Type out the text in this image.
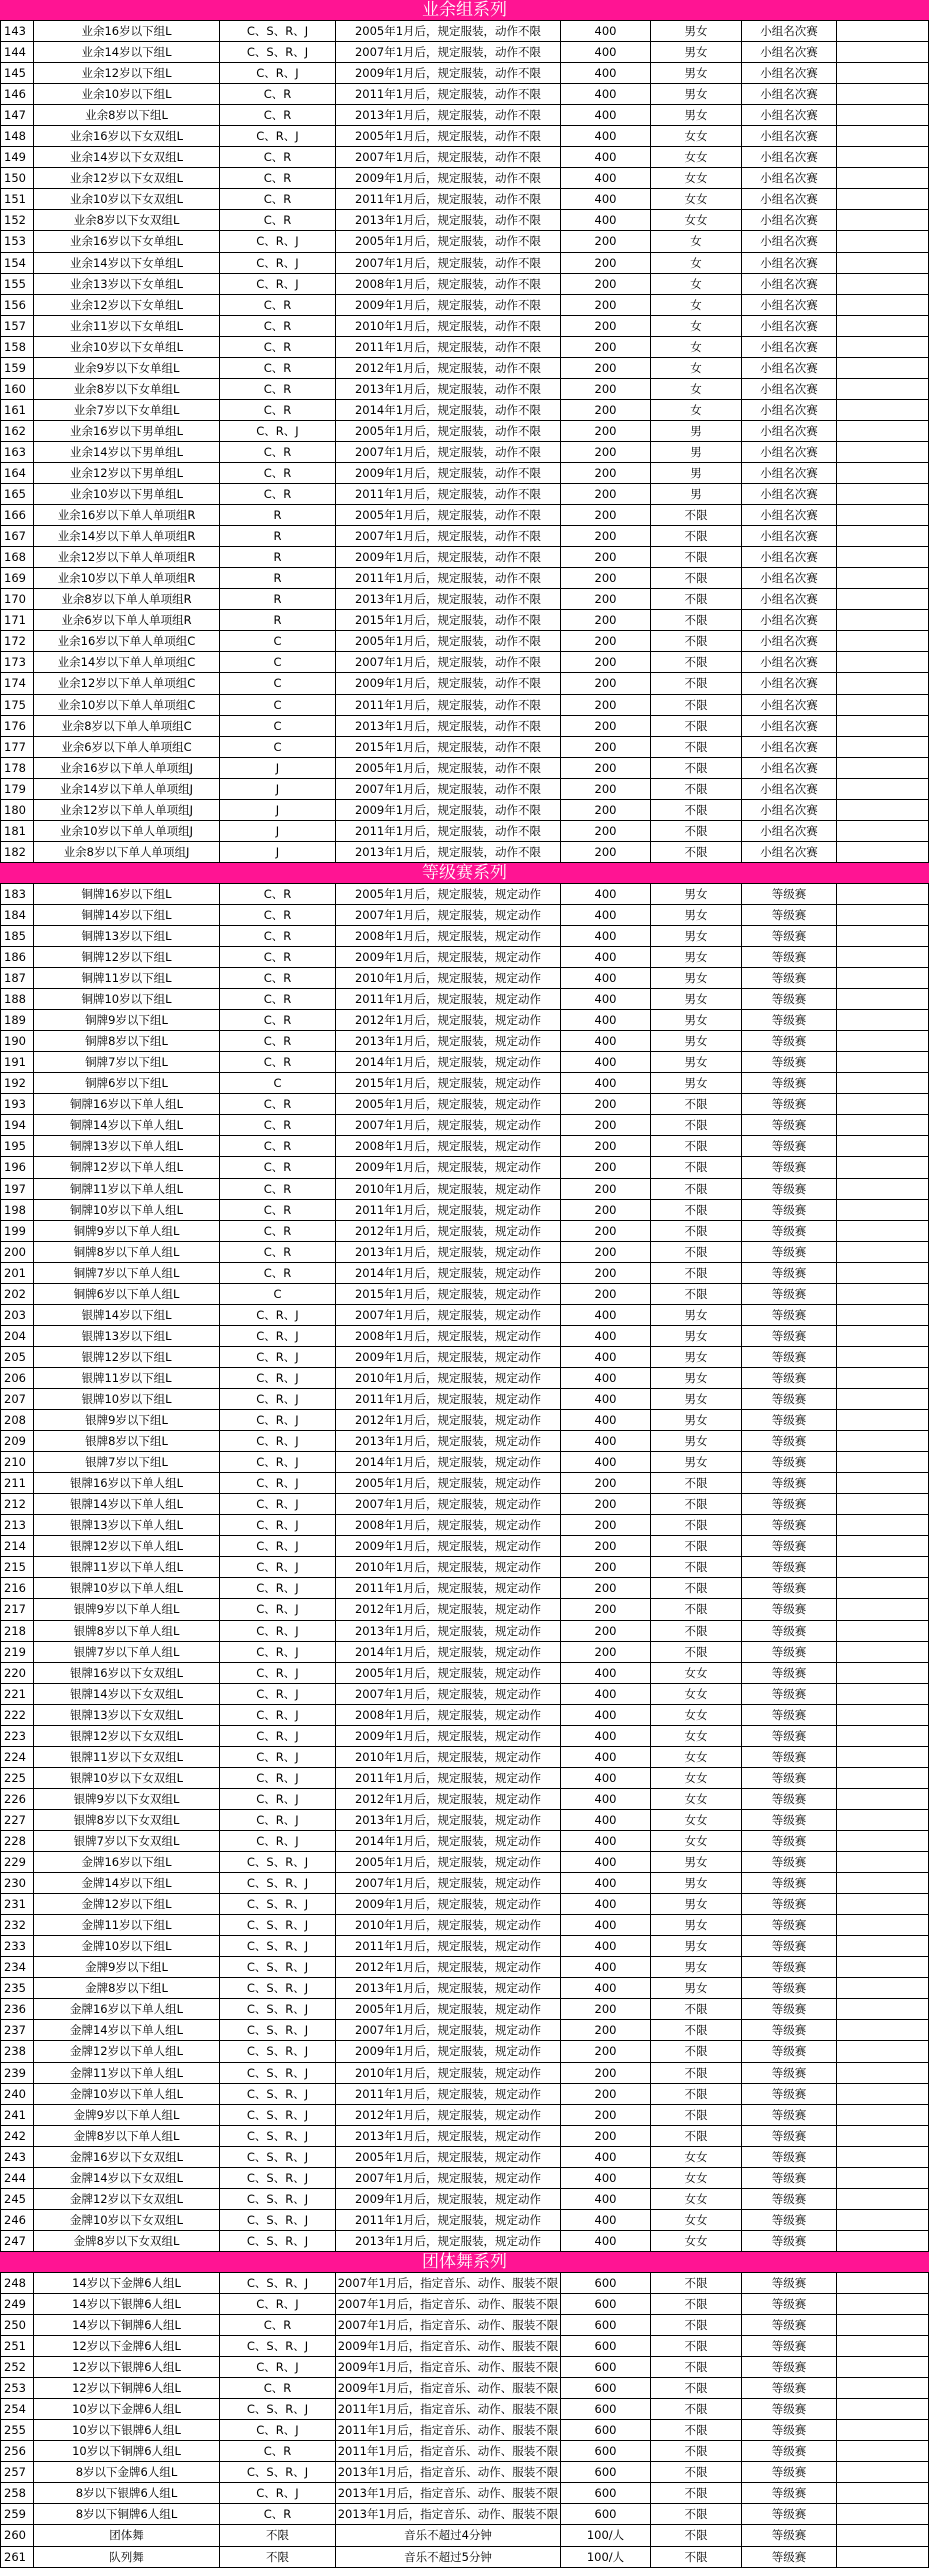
业余组系列
143	业余16岁以下组L	C、S、R、J	2005年1月后，规定服装，动作不限	400	男女	小组名次赛
144	业余14岁以下组L	C、S、R、J	2007年1月后，规定服装，动作不限	400	男女	小组名次赛
145	业余12岁以下组L	C、R、J	2009年1月后，规定服装，动作不限	400	男女	小组名次赛
146	业余10岁以下组L	C、R	2011年1月后，规定服装，动作不限	400	男女	小组名次赛
147	业余8岁以下组L	C、R	2013年1月后，规定服装，动作不限	400	男女	小组名次赛
148	业余16岁以下女双组L	C、R、J	2005年1月后，规定服装，动作不限	400	女女	小组名次赛
149	业余14岁以下女双组L	C、R	2007年1月后，规定服装，动作不限	400	女女	小组名次赛
150	业余12岁以下女双组L	C、R	2009年1月后，规定服装，动作不限	400	女女	小组名次赛
151	业余10岁以下女双组L	C、R	2011年1月后，规定服装，动作不限	400	女女	小组名次赛
152	业余8岁以下女双组L	C、R	2013年1月后，规定服装，动作不限	400	女女	小组名次赛
153	业余16岁以下女单组L	C、R、J	2005年1月后，规定服装，动作不限	200	女	小组名次赛
154	业余14岁以下女单组L	C、R、J	2007年1月后，规定服装，动作不限	200	女	小组名次赛
155	业余13岁以下女单组L	C、R、J	2008年1月后，规定服装，动作不限	200	女	小组名次赛
156	业余12岁以下女单组L	C、R	2009年1月后，规定服装，动作不限	200	女	小组名次赛
157	业余11岁以下女单组L	C、R	2010年1月后，规定服装，动作不限	200	女	小组名次赛
158	业余10岁以下女单组L	C、R	2011年1月后，规定服装，动作不限	200	女	小组名次赛
159	业余9岁以下女单组L	C、R	2012年1月后，规定服装，动作不限	200	女	小组名次赛
160	业余8岁以下女单组L	C、R	2013年1月后，规定服装，动作不限	200	女	小组名次赛
161	业余7岁以下女单组L	C、R	2014年1月后，规定服装，动作不限	200	女	小组名次赛
162	业余16岁以下男单组L	C、R、J	2005年1月后，规定服装，动作不限	200	男	小组名次赛
163	业余14岁以下男单组L	C、R	2007年1月后，规定服装，动作不限	200	男	小组名次赛
164	业余12岁以下男单组L	C、R	2009年1月后，规定服装，动作不限	200	男	小组名次赛
165	业余10岁以下男单组L	C、R	2011年1月后，规定服装，动作不限	200	男	小组名次赛
166	业余16岁以下单人单项组R	R	2005年1月后，规定服装，动作不限	200	不限	小组名次赛
167	业余14岁以下单人单项组R	R	2007年1月后，规定服装，动作不限	200	不限	小组名次赛
168	业余12岁以下单人单项组R	R	2009年1月后，规定服装，动作不限	200	不限	小组名次赛
169	业余10岁以下单人单项组R	R	2011年1月后，规定服装，动作不限	200	不限	小组名次赛
170	业余8岁以下单人单项组R	R	2013年1月后，规定服装，动作不限	200	不限	小组名次赛
171	业余6岁以下单人单项组R	R	2015年1月后，规定服装，动作不限	200	不限	小组名次赛
172	业余16岁以下单人单项组C	C	2005年1月后，规定服装，动作不限	200	不限	小组名次赛
173	业余14岁以下单人单项组C	C	2007年1月后，规定服装，动作不限	200	不限	小组名次赛
174	业余12岁以下单人单项组C	C	2009年1月后，规定服装，动作不限	200	不限	小组名次赛
175	业余10岁以下单人单项组C	C	2011年1月后，规定服装，动作不限	200	不限	小组名次赛
176	业余8岁以下单人单项组C	C	2013年1月后，规定服装，动作不限	200	不限	小组名次赛
177	业余6岁以下单人单项组C	C	2015年1月后，规定服装，动作不限	200	不限	小组名次赛
178	业余16岁以下单人单项组J	J	2005年1月后，规定服装，动作不限	200	不限	小组名次赛
179	业余14岁以下单人单项组J	J	2007年1月后，规定服装，动作不限	200	不限	小组名次赛
180	业余12岁以下单人单项组J	J	2009年1月后，规定服装，动作不限	200	不限	小组名次赛
181	业余10岁以下单人单项组J	J	2011年1月后，规定服装，动作不限	200	不限	小组名次赛
182	业余8岁以下单人单项组J	J	2013年1月后，规定服装，动作不限	200	不限	小组名次赛
等级赛系列
183	铜牌16岁以下组L	C、R	2005年1月后，规定服装，规定动作	400	男女	等级赛
184	铜牌14岁以下组L	C、R	2007年1月后，规定服装，规定动作	400	男女	等级赛
185	铜牌13岁以下组L	C、R	2008年1月后，规定服装，规定动作	400	男女	等级赛
186	铜牌12岁以下组L	C、R	2009年1月后，规定服装，规定动作	400	男女	等级赛
187	铜牌11岁以下组L	C、R	2010年1月后，规定服装，规定动作	400	男女	等级赛
188	铜牌10岁以下组L	C、R	2011年1月后，规定服装，规定动作	400	男女	等级赛
189	铜牌9岁以下组L	C、R	2012年1月后，规定服装，规定动作	400	男女	等级赛
190	铜牌8岁以下组L	C、R	2013年1月后，规定服装，规定动作	400	男女	等级赛
191	铜牌7岁以下组L	C、R	2014年1月后，规定服装，规定动作	400	男女	等级赛
192	铜牌6岁以下组L	C	2015年1月后，规定服装，规定动作	400	男女	等级赛
193	铜牌16岁以下单人组L	C、R	2005年1月后，规定服装，规定动作	200	不限	等级赛
194	铜牌14岁以下单人组L	C、R	2007年1月后，规定服装，规定动作	200	不限	等级赛
195	铜牌13岁以下单人组L	C、R	2008年1月后，规定服装，规定动作	200	不限	等级赛
196	铜牌12岁以下单人组L	C、R	2009年1月后，规定服装，规定动作	200	不限	等级赛
197	铜牌11岁以下单人组L	C、R	2010年1月后，规定服装，规定动作	200	不限	等级赛
198	铜牌10岁以下单人组L	C、R	2011年1月后，规定服装，规定动作	200	不限	等级赛
199	铜牌9岁以下单人组L	C、R	2012年1月后，规定服装，规定动作	200	不限	等级赛
200	铜牌8岁以下单人组L	C、R	2013年1月后，规定服装，规定动作	200	不限	等级赛
201	铜牌7岁以下单人组L	C、R	2014年1月后，规定服装，规定动作	200	不限	等级赛
202	铜牌6岁以下单人组L	C	2015年1月后，规定服装，规定动作	200	不限	等级赛
203	银牌14岁以下组L	C、R、J	2007年1月后，规定服装，规定动作	400	男女	等级赛
204	银牌13岁以下组L	C、R、J	2008年1月后，规定服装，规定动作	400	男女	等级赛
205	银牌12岁以下组L	C、R、J	2009年1月后，规定服装，规定动作	400	男女	等级赛
206	银牌11岁以下组L	C、R、J	2010年1月后，规定服装，规定动作	400	男女	等级赛
207	银牌10岁以下组L	C、R、J	2011年1月后，规定服装，规定动作	400	男女	等级赛
208	银牌9岁以下组L	C、R、J	2012年1月后，规定服装，规定动作	400	男女	等级赛
209	银牌8岁以下组L	C、R、J	2013年1月后，规定服装，规定动作	400	男女	等级赛
210	银牌7岁以下组L	C、R、J	2014年1月后，规定服装，规定动作	400	男女	等级赛
211	银牌16岁以下单人组L	C、R、J	2005年1月后，规定服装，规定动作	200	不限	等级赛
212	银牌14岁以下单人组L	C、R、J	2007年1月后，规定服装，规定动作	200	不限	等级赛
213	银牌13岁以下单人组L	C、R、J	2008年1月后，规定服装，规定动作	200	不限	等级赛
214	银牌12岁以下单人组L	C、R、J	2009年1月后，规定服装，规定动作	200	不限	等级赛
215	银牌11岁以下单人组L	C、R、J	2010年1月后，规定服装，规定动作	200	不限	等级赛
216	银牌10岁以下单人组L	C、R、J	2011年1月后，规定服装，规定动作	200	不限	等级赛
217	银牌9岁以下单人组L	C、R、J	2012年1月后，规定服装，规定动作	200	不限	等级赛
218	银牌8岁以下单人组L	C、R、J	2013年1月后，规定服装，规定动作	200	不限	等级赛
219	银牌7岁以下单人组L	C、R、J	2014年1月后，规定服装，规定动作	200	不限	等级赛
220	银牌16岁以下女双组L	C、R、J	2005年1月后，规定服装，规定动作	400	女女	等级赛
221	银牌14岁以下女双组L	C、R、J	2007年1月后，规定服装，规定动作	400	女女	等级赛
222	银牌13岁以下女双组L	C、R、J	2008年1月后，规定服装，规定动作	400	女女	等级赛
223	银牌12岁以下女双组L	C、R、J	2009年1月后，规定服装，规定动作	400	女女	等级赛
224	银牌11岁以下女双组L	C、R、J	2010年1月后，规定服装，规定动作	400	女女	等级赛
225	银牌10岁以下女双组L	C、R、J	2011年1月后，规定服装，规定动作	400	女女	等级赛
226	银牌9岁以下女双组L	C、R、J	2012年1月后，规定服装，规定动作	400	女女	等级赛
227	银牌8岁以下女双组L	C、R、J	2013年1月后，规定服装，规定动作	400	女女	等级赛
228	银牌7岁以下女双组L	C、R、J	2014年1月后，规定服装，规定动作	400	女女	等级赛
229	金牌16岁以下组L	C、S、R、J	2005年1月后，规定服装，规定动作	400	男女	等级赛
230	金牌14岁以下组L	C、S、R、J	2007年1月后，规定服装，规定动作	400	男女	等级赛
231	金牌12岁以下组L	C、S、R、J	2009年1月后，规定服装，规定动作	400	男女	等级赛
232	金牌11岁以下组L	C、S、R、J	2010年1月后，规定服装，规定动作	400	男女	等级赛
233	金牌10岁以下组L	C、S、R、J	2011年1月后，规定服装，规定动作	400	男女	等级赛
234	金牌9岁以下组L	C、S、R、J	2012年1月后，规定服装，规定动作	400	男女	等级赛
235	金牌8岁以下组L	C、S、R、J	2013年1月后，规定服装，规定动作	400	男女	等级赛
236	金牌16岁以下单人组L	C、S、R、J	2005年1月后，规定服装，规定动作	200	不限	等级赛
237	金牌14岁以下单人组L	C、S、R、J	2007年1月后，规定服装，规定动作	200	不限	等级赛
238	金牌12岁以下单人组L	C、S、R、J	2009年1月后，规定服装，规定动作	200	不限	等级赛
239	金牌11岁以下单人组L	C、S、R、J	2010年1月后，规定服装，规定动作	200	不限	等级赛
240	金牌10岁以下单人组L	C、S、R、J	2011年1月后，规定服装，规定动作	200	不限	等级赛
241	金牌9岁以下单人组L	C、S、R、J	2012年1月后，规定服装，规定动作	200	不限	等级赛
242	金牌8岁以下单人组L	C、S、R、J	2013年1月后，规定服装，规定动作	200	不限	等级赛
243	金牌16岁以下女双组L	C、S、R、J	2005年1月后，规定服装，规定动作	400	女女	等级赛
244	金牌14岁以下女双组L	C、S、R、J	2007年1月后，规定服装，规定动作	400	女女	等级赛
245	金牌12岁以下女双组L	C、S、R、J	2009年1月后，规定服装，规定动作	400	女女	等级赛
246	金牌10岁以下女双组L	C、S、R、J	2011年1月后，规定服装，规定动作	400	女女	等级赛
247	金牌8岁以下女双组L	C、S、R、J	2013年1月后，规定服装，规定动作	400	女女	等级赛
团体舞系列
248	14岁以下金牌6人组L	C、S、R、J	2007年1月后，指定音乐、动作、服装不限	600	不限	等级赛
249	14岁以下银牌6人组L	C、R、J	2007年1月后，指定音乐、动作、服装不限	600	不限	等级赛
250	14岁以下铜牌6人组L	C、R	2007年1月后，指定音乐、动作、服装不限	600	不限	等级赛
251	12岁以下金牌6人组L	C、S、R、J	2009年1月后，指定音乐、动作、服装不限	600	不限	等级赛
252	12岁以下银牌6人组L	C、R、J	2009年1月后，指定音乐、动作、服装不限	600	不限	等级赛
253	12岁以下铜牌6人组L	C、R	2009年1月后，指定音乐、动作、服装不限	600	不限	等级赛
254	10岁以下金牌6人组L	C、S、R、J	2011年1月后，指定音乐、动作、服装不限	600	不限	等级赛
255	10岁以下银牌6人组L	C、R、J	2011年1月后，指定音乐、动作、服装不限	600	不限	等级赛
256	10岁以下铜牌6人组L	C、R	2011年1月后，指定音乐、动作、服装不限	600	不限	等级赛
257	8岁以下金牌6人组L	C、S、R、J	2013年1月后，指定音乐、动作、服装不限	600	不限	等级赛
258	8岁以下银牌6人组L	C、R、J	2013年1月后，指定音乐、动作、服装不限	600	不限	等级赛
259	8岁以下铜牌6人组L	C、R	2013年1月后，指定音乐、动作、服装不限	600	不限	等级赛
260	团体舞	不限	音乐不超过4分钟	100/人	不限	等级赛
261	队列舞	不限	音乐不超过5分钟	100/人	不限	等级赛
